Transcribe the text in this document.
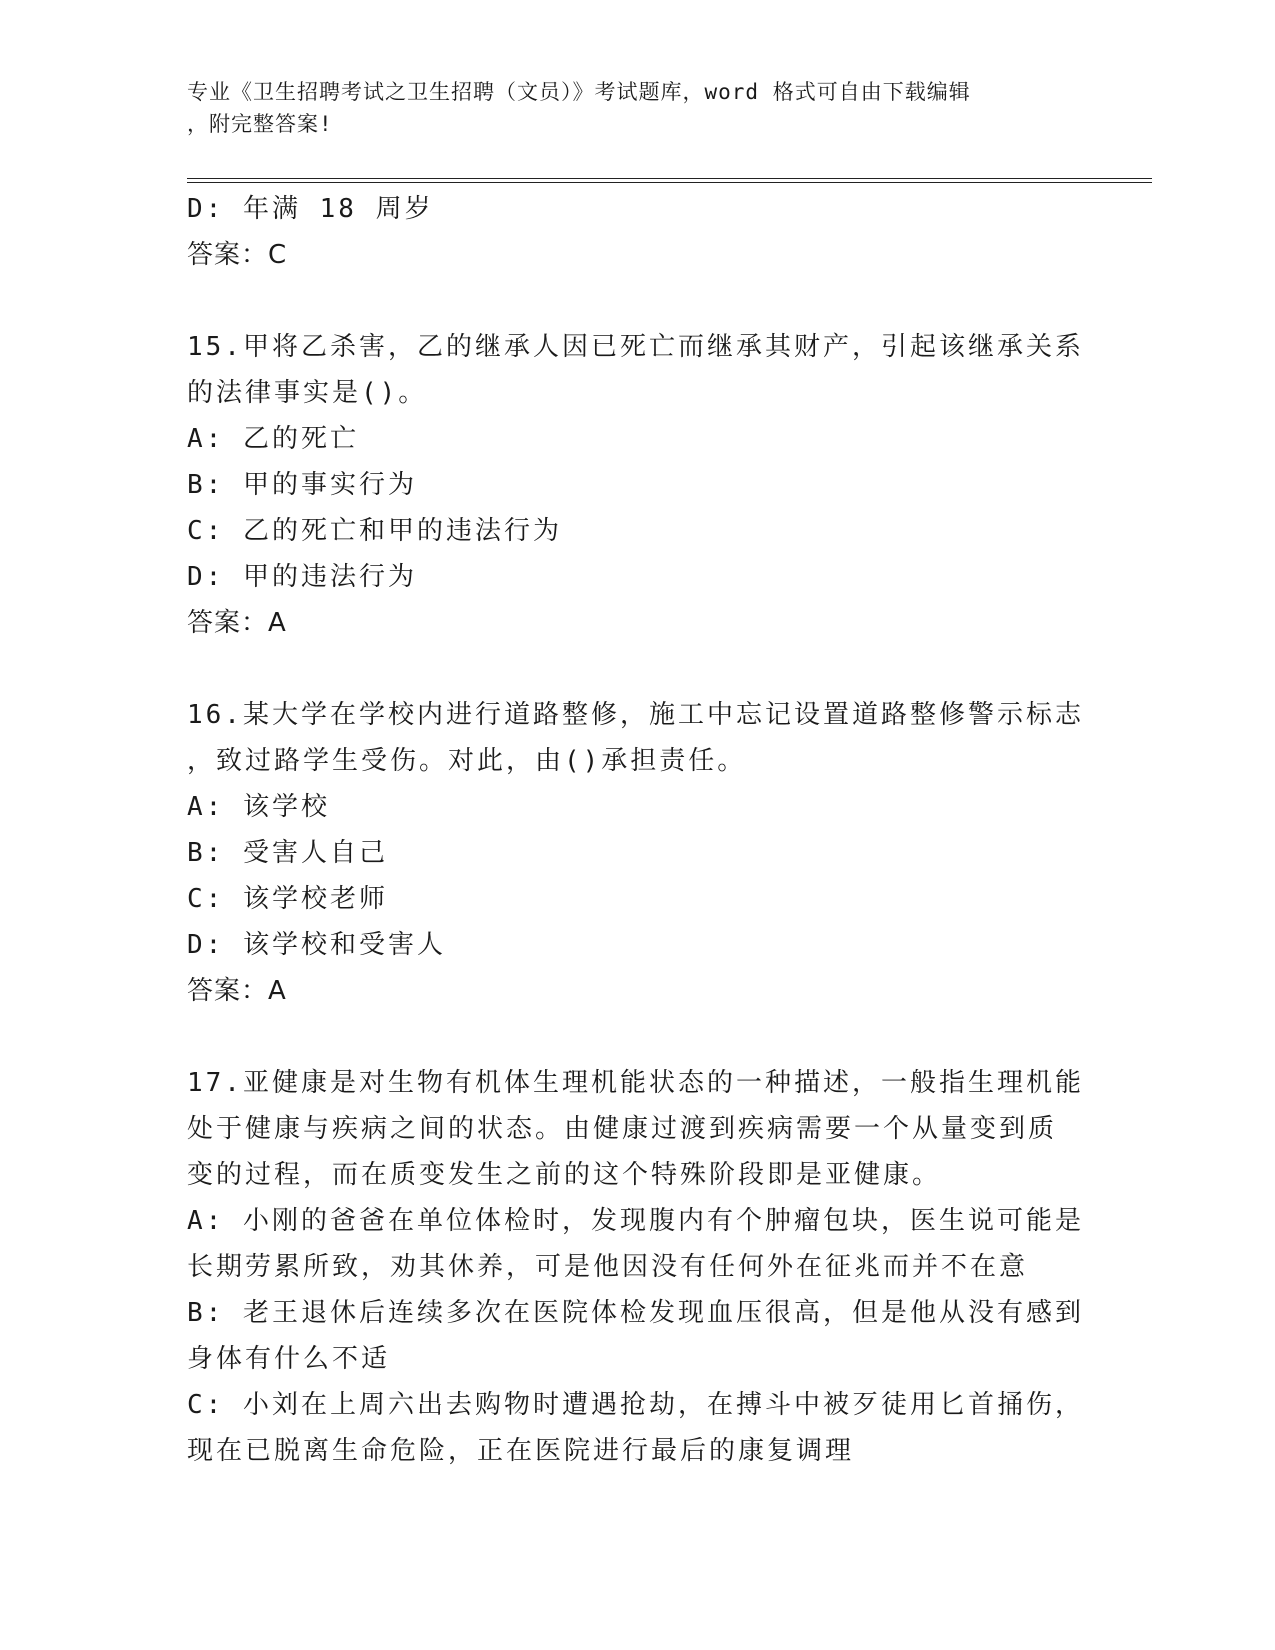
专业《卫生招聘考试之卫生招聘（文员）》考试题库，word 格式可自由下载编辑
，附完整答案!
D: 年满 18 周岁
答案：C
15.甲将乙杀害，乙的继承人因已死亡而继承其财产，引起该继承关系
的法律事实是()。
A: 乙的死亡
B: 甲的事实行为
C: 乙的死亡和甲的违法行为
D: 甲的违法行为
答案：A
16.某大学在学校内进行道路整修，施工中忘记设置道路整修警示标志
，致过路学生受伤。对此，由()承担责任。
A: 该学校
B: 受害人自己
C: 该学校老师
D: 该学校和受害人
答案：A
17.亚健康是对生物有机体生理机能状态的一种描述，一般指生理机能
处于健康与疾病之间的状态。由健康过渡到疾病需要一个从量变到质
变的过程，而在质变发生之前的这个特殊阶段即是亚健康。
A: 小刚的爸爸在单位体检时，发现腹内有个肿瘤包块，医生说可能是
长期劳累所致，劝其休养，可是他因没有任何外在征兆而并不在意
B: 老王退休后连续多次在医院体检发现血压很高，但是他从没有感到
身体有什么不适
C: 小刘在上周六出去购物时遭遇抢劫，在搏斗中被歹徒用匕首捅伤，
现在已脱离生命危险，正在医院进行最后的康复调理
